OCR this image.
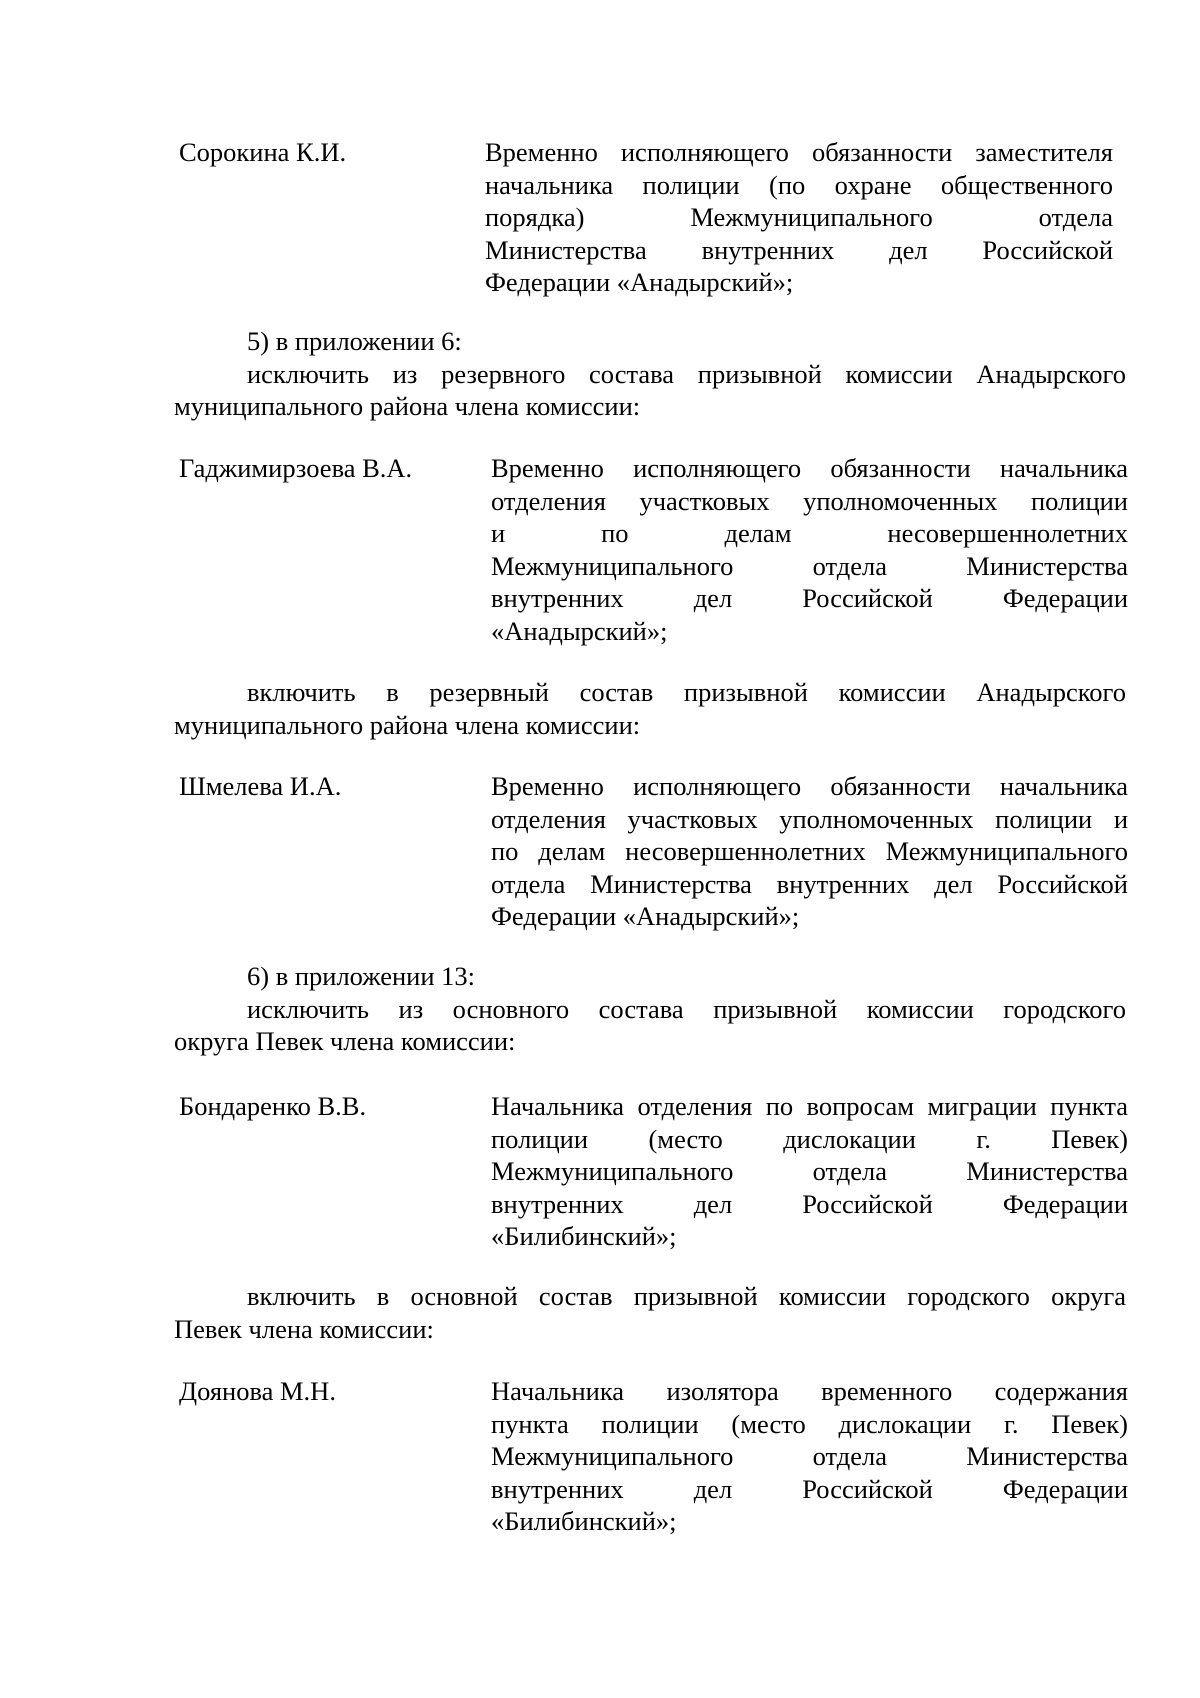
Сорокина К.И.	Временно исполняющего обязанности заместителя
начальника полиции (по охране общественного
порядка) Межмуниципального отдела
Министерства внутренних дел Российской
Федерации «Анадырский»;
5) в приложении 6:
исключить из резервного состава призывной комиссии Анадырского
муниципального района члена комиссии:
Гаджимирзоева В.А.	Временно исполняющего обязанности начальника
отделения участковых уполномоченных полиции
и по делам несовершеннолетних
Межмуниципального отдела Министерства
внутренних дел Российской Федерации
«Анадырский»;
включить в резервный состав призывной комиссии Анадырского
муниципального района члена комиссии:
Шмелева И.А.	Временно исполняющего обязанности начальника
отделения участковых уполномоченных полиции и
по делам несовершеннолетних Межмуниципального
отдела Министерства внутренних дел Российской
Федерации «Анадырский»;
6) в приложении 13:
исключить из основного состава призывной комиссии городского
округа Певек члена комиссии:
Бондаренко В.В.	Начальника отделения по вопросам миграции пункта
полиции (место дислокации г. Певек)
Межмуниципального отдела Министерства
внутренних дел Российской Федерации
«Билибинский»;
включить в основной состав призывной комиссии городского округа
Певек члена комиссии:
Доянова М.Н.	Начальника изолятора временного содержания
пункта полиции (место дислокации г. Певек)
Межмуниципального отдела Министерства
внутренних дел Российской Федерации
«Билибинский»;
